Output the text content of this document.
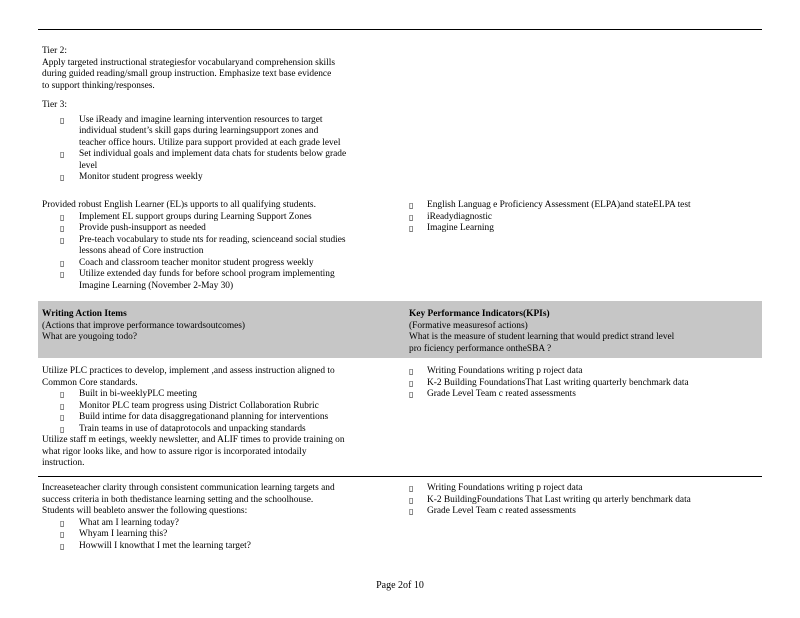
Tier 2:

Apply targeted instructional strategiesfor vocabularyand comprehension skills

during guided reading/small group instruction. Emphasize text base evidence

to support thinking/responses.

Tier 3:

▯ Use iReady and imagine learning intervention resources to target
individual student’s skill gaps during learningsupport zones and
teacher office hours. Utilize para support provided at each grade level
▯ Set individual goals and implement data chats for students below grade
level
▯ Monitor student progress weekly

Provided robust English Learner (EL)s upports to all qualifying students.

▯ Implement EL support groups during Learning Support Zones
▯ Provide push-insupport as needed
▯ Pre-teach vocabulary to stude nts for reading, scienceand social studies
lessons ahead of Core instruction
▯ Coach and classroom teacher monitor student progress weekly
▯ Utilize extended day funds for before school program implementing
Imagine Learning (November 2-May 30)
▯ English Languag e Proficiency Assessment (ELPA)and stateELPA test
▯ iReadydiagnostic
▯ Imagine Learning

Writing Action Items

(Actions that improve performance towardsoutcomes)

What are yougoing todo?

Key Performance Indicators(KPIs)

(Formative measuresof actions)

What is the measure of student learning that would predict strand level

pro ficiency performance ontheSBA ?

Utilize PLC practices to develop, implement ,and assess instruction aligned to

Common Core standards.

▯ Built in bi-weeklyPLC meeting
▯ Monitor PLC team progress using District Collaboration Rubric
▯ Build intime for data disaggregationand planning for interventions
▯ Train teams in use of dataprotocols and unpacking standards

Utilize staff m eetings, weekly newsletter, and ALIF times to provide training on

what rigor looks like, and how to assure rigor is incorporated intodaily

instruction.

▯ Writing Foundations writing p roject data
▯ K-2 Building FoundationsThat Last writing quarterly benchmark data
▯ Grade Level Team c reated assessments

Increaseteacher clarity through consistent communication learning targets and

success criteria in both thedistance learning setting and the schoolhouse.

Students will beableto answer the following questions:

▯ What am I learning today?
▯ Whyam I learning this?
▯ Howwill I knowthat I met the learning target?
▯ Writing Foundations writing p roject data
▯ K-2 BuildingFoundations That Last writing qu arterly benchmark data
▯ Grade Level Team c reated assessments
Page 2of 10
